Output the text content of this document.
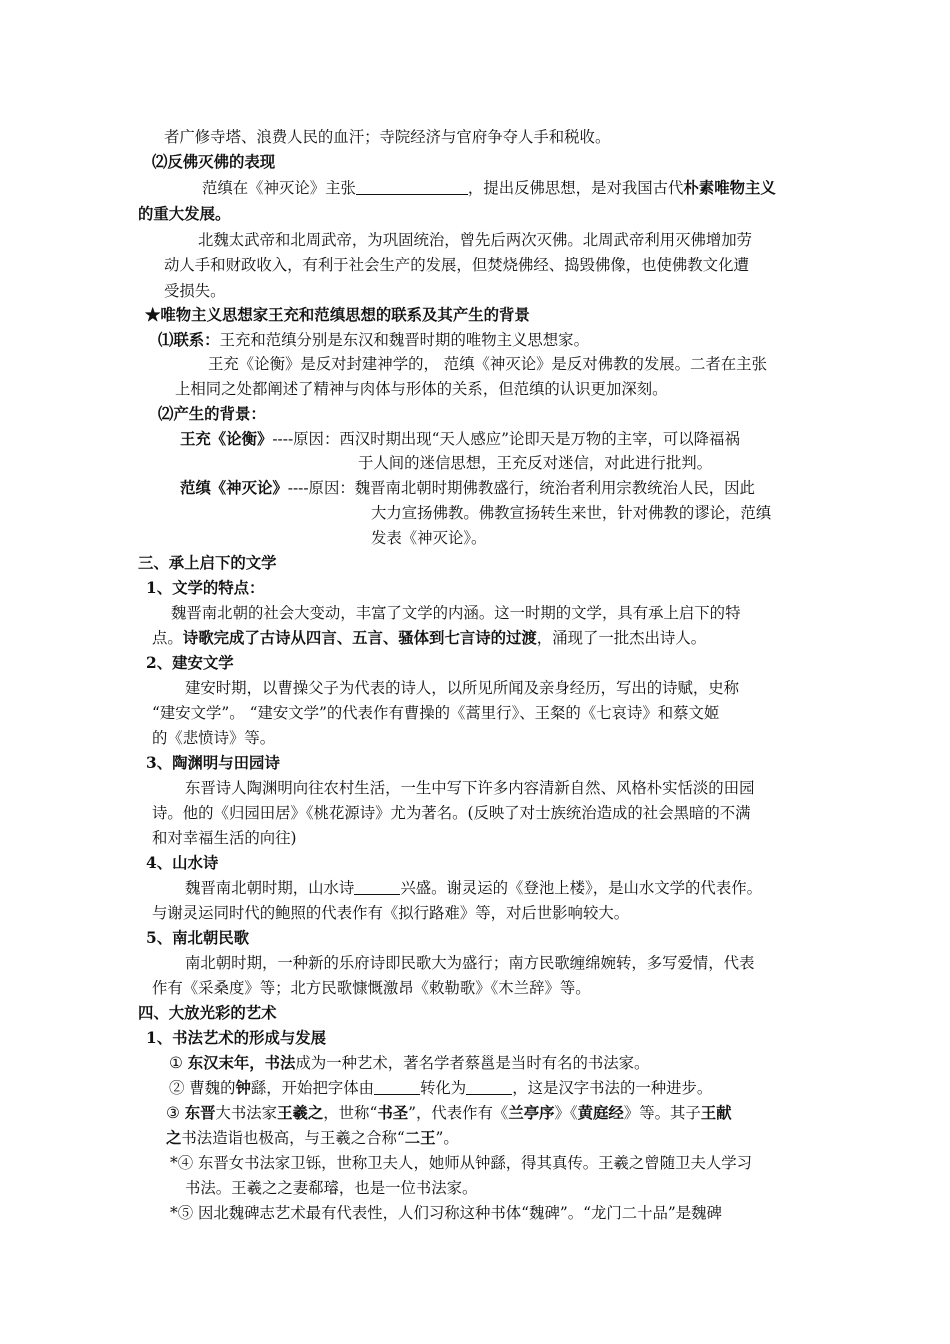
者广修寺塔、浪费人民的血汗；寺院经济与官府争夺人手和税收。
⑵反佛灭佛的表现
范缜在《神灭论》主张	，提出反佛思想，是对我国古代朴素唯物主义
的重大发展。
北魏太武帝和北周武帝，为巩固统治，曾先后两次灭佛。北周武帝利用灭佛增加劳
动人手和财政收入，有利于社会生产的发展，但焚烧佛经、捣毁佛像，也使佛教文化遭
受损失。
★唯物主义思想家王充和范缜思想的联系及其产生的背景
⑴联系：王充和范缜分别是东汉和魏晋时期的唯物主义思想家。
王充《论衡》是反对封建神学的， 范缜《神灭论》是反对佛教的发展。二者在主张
上相同之处都阐述了精神与肉体与形体的关系，但范缜的认识更加深刻。
⑵产生的背景：
王充《论衡》----原因：西汉时期出现“天人感应”论即天是万物的主宰，可以降福祸
于人间的迷信思想，王充反对迷信，对此进行批判。
范缜《神灭论》----原因：魏晋南北朝时期佛教盛行，统治者利用宗教统治人民，因此
大力宣扬佛教。佛教宣扬转生来世，针对佛教的谬论，范缜
发表《神灭论》。
三、承上启下的文学
1、文学的特点：
魏晋南北朝的社会大变动，丰富了文学的内涵。这一时期的文学，具有承上启下的特
点。诗歌完成了古诗从四言、五言、骚体到七言诗的过渡，涌现了一批杰出诗人。
2、建安文学
建安时期，以曹操父子为代表的诗人，以所见所闻及亲身经历，写出的诗赋，史称
“建安文学”。 “建安文学”的代表作有曹操的《蒿里行》、王粲的《七哀诗》和蔡文姬
的《悲愤诗》等。
3、陶渊明与田园诗
东晋诗人陶渊明向往农村生活，一生中写下许多内容清新自然、风格朴实恬淡的田园
诗。他的《归园田居》《桃花源诗》尤为著名。(反映了对士族统治造成的社会黑暗的不满
和对幸福生活的向往)
4、山水诗
魏晋南北朝时期，山水诗	兴盛。谢灵运的《登池上楼》，是山水文学的代表作。
与谢灵运同时代的鲍照的代表作有《拟行路难》等，对后世影响较大。
5、南北朝民歌
南北朝时期，一种新的乐府诗即民歌大为盛行；南方民歌缠绵婉转，多写爱情，代表
作有《采桑度》等；北方民歌慷慨激昂《敕勒歌》《木兰辞》等。
四、大放光彩的艺术
1、书法艺术的形成与发展
① 东汉末年，书法成为一种艺术，著名学者蔡邕是当时有名的书法家。
② 曹魏的钟繇，开始把字体由	转化为	，这是汉字书法的一种进步。
③ 东晋大书法家王羲之，世称“书圣”，代表作有《兰亭序》《黄庭经》等。其子王献
之书法造诣也极高，与王羲之合称“二王”。
*④ 东晋女书法家卫铄，世称卫夫人，她师从钟繇，得其真传。王羲之曾随卫夫人学习
书法。王羲之之妻郗璿，也是一位书法家。
*⑤ 因北魏碑志艺术最有代表性，人们习称这种书体“魏碑”。“龙门二十品”是魏碑
